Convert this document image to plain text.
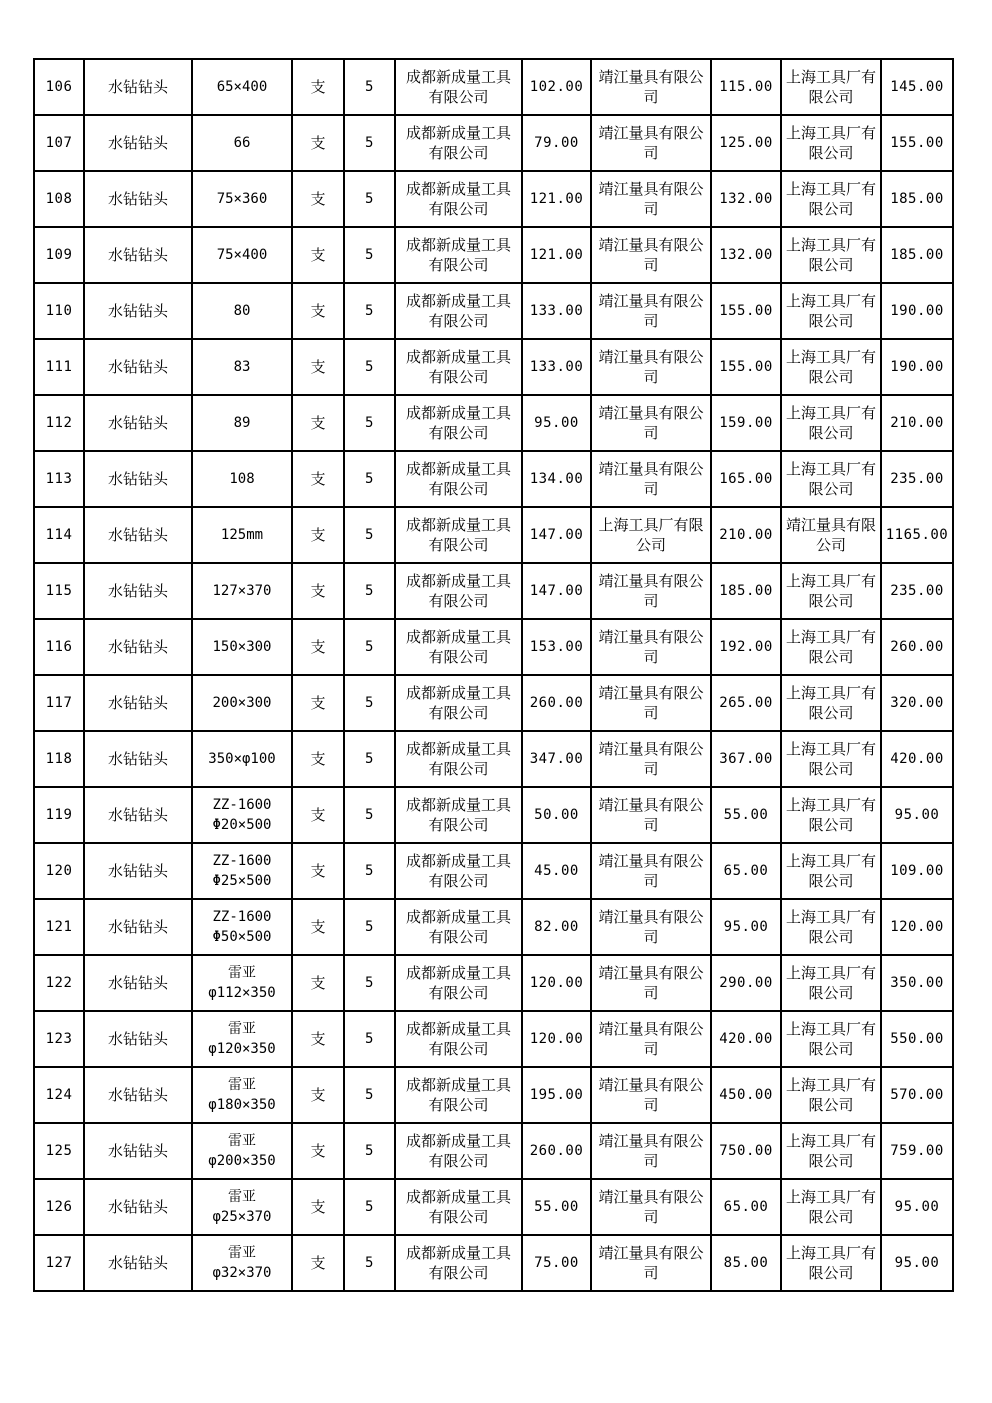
106	水钻钻头	65×400	支	5	成都新成量工具有限公司	102.00	靖江量具有限公司	115.00	上海工具厂有限公司	145.00
107	水钻钻头	66	支	5	成都新成量工具有限公司	79.00	靖江量具有限公司	125.00	上海工具厂有限公司	155.00
108	水钻钻头	75×360	支	5	成都新成量工具有限公司	121.00	靖江量具有限公司	132.00	上海工具厂有限公司	185.00
109	水钻钻头	75×400	支	5	成都新成量工具有限公司	121.00	靖江量具有限公司	132.00	上海工具厂有限公司	185.00
110	水钻钻头	80	支	5	成都新成量工具有限公司	133.00	靖江量具有限公司	155.00	上海工具厂有限公司	190.00
111	水钻钻头	83	支	5	成都新成量工具有限公司	133.00	靖江量具有限公司	155.00	上海工具厂有限公司	190.00
112	水钻钻头	89	支	5	成都新成量工具有限公司	95.00	靖江量具有限公司	159.00	上海工具厂有限公司	210.00
113	水钻钻头	108	支	5	成都新成量工具有限公司	134.00	靖江量具有限公司	165.00	上海工具厂有限公司	235.00
114	水钻钻头	125mm	支	5	成都新成量工具有限公司	147.00	上海工具厂有限公司	210.00	靖江量具有限公司	1165.00
115	水钻钻头	127×370	支	5	成都新成量工具有限公司	147.00	靖江量具有限公司	185.00	上海工具厂有限公司	235.00
116	水钻钻头	150×300	支	5	成都新成量工具有限公司	153.00	靖江量具有限公司	192.00	上海工具厂有限公司	260.00
117	水钻钻头	200×300	支	5	成都新成量工具有限公司	260.00	靖江量具有限公司	265.00	上海工具厂有限公司	320.00
118	水钻钻头	350×φ100	支	5	成都新成量工具有限公司	347.00	靖江量具有限公司	367.00	上海工具厂有限公司	420.00
119	水钻钻头	ZZ-1600 Φ20×500	支	5	成都新成量工具有限公司	50.00	靖江量具有限公司	55.00	上海工具厂有限公司	95.00
120	水钻钻头	ZZ-1600 Φ25×500	支	5	成都新成量工具有限公司	45.00	靖江量具有限公司	65.00	上海工具厂有限公司	109.00
121	水钻钻头	ZZ-1600 Φ50×500	支	5	成都新成量工具有限公司	82.00	靖江量具有限公司	95.00	上海工具厂有限公司	120.00
122	水钻钻头	雷亚 φ112×350	支	5	成都新成量工具有限公司	120.00	靖江量具有限公司	290.00	上海工具厂有限公司	350.00
123	水钻钻头	雷亚 φ120×350	支	5	成都新成量工具有限公司	120.00	靖江量具有限公司	420.00	上海工具厂有限公司	550.00
124	水钻钻头	雷亚 φ180×350	支	5	成都新成量工具有限公司	195.00	靖江量具有限公司	450.00	上海工具厂有限公司	570.00
125	水钻钻头	雷亚 φ200×350	支	5	成都新成量工具有限公司	260.00	靖江量具有限公司	750.00	上海工具厂有限公司	759.00
126	水钻钻头	雷亚 φ25×370	支	5	成都新成量工具有限公司	55.00	靖江量具有限公司	65.00	上海工具厂有限公司	95.00
127	水钻钻头	雷亚 φ32×370	支	5	成都新成量工具有限公司	75.00	靖江量具有限公司	85.00	上海工具厂有限公司	95.00
